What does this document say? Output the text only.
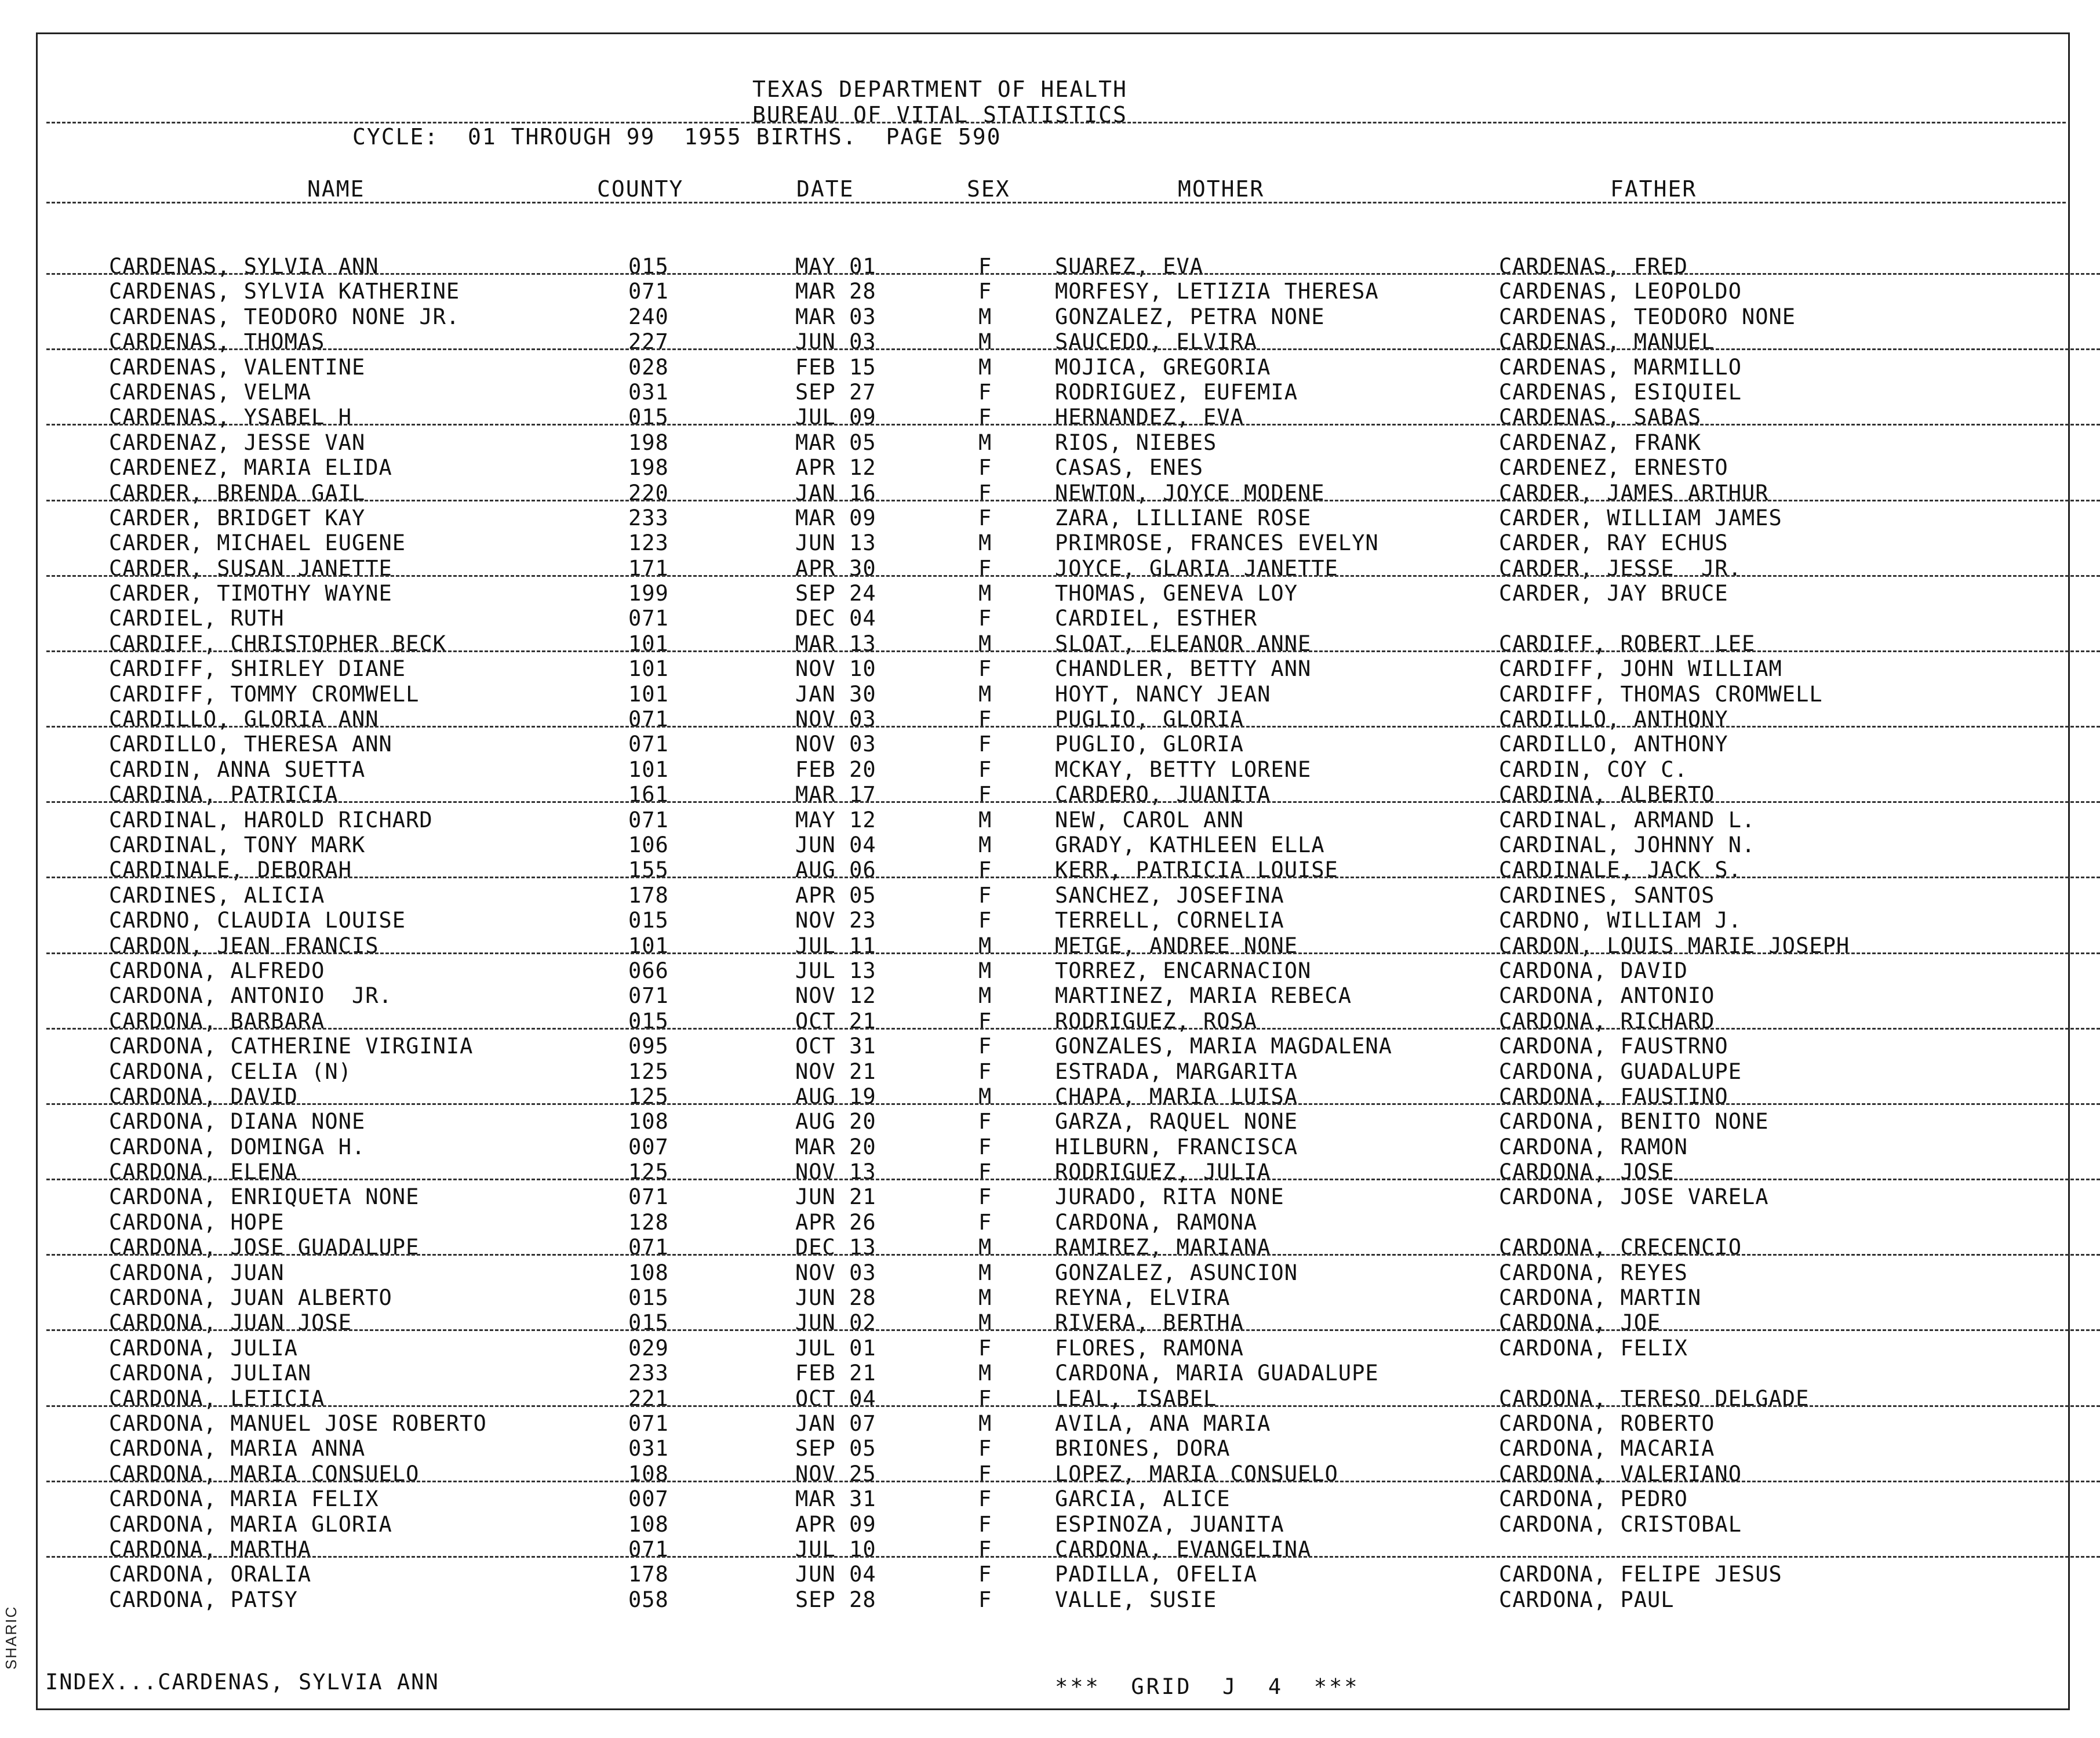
SHARIC
TEXAS DEPARTMENT OF HEALTH
BUREAU OF VITAL STATISTICS
CYCLE:  01 THROUGH 99  1955 BIRTHS.  PAGE 590
NAME	COUNTY	DATE	SEX	MOTHER	FATHER
CARDENAS, SYLVIA ANN	015	MAY 01	F	SUAREZ, EVA	CARDENAS, FRED
CARDENAS, SYLVIA KATHERINE	071	MAR 28	F	MORFESY, LETIZIA THERESA	CARDENAS, LEOPOLDO
CARDENAS, TEODORO NONE JR.	240	MAR 03	M	GONZALEZ, PETRA NONE	CARDENAS, TEODORO NONE
CARDENAS, THOMAS	227	JUN 03	M	SAUCEDO, ELVIRA	CARDENAS, MANUEL
CARDENAS, VALENTINE	028	FEB 15	M	MOJICA, GREGORIA	CARDENAS, MARMILLO
CARDENAS, VELMA	031	SEP 27	F	RODRIGUEZ, EUFEMIA	CARDENAS, ESIQUIEL
CARDENAS, YSABEL H	015	JUL 09	F	HERNANDEZ, EVA	CARDENAS, SABAS
CARDENAZ, JESSE VAN	198	MAR 05	M	RIOS, NIEBES	CARDENAZ, FRANK
CARDENEZ, MARIA ELIDA	198	APR 12	F	CASAS, ENES	CARDENEZ, ERNESTO
CARDER, BRENDA GAIL	220	JAN 16	F	NEWTON, JOYCE MODENE	CARDER, JAMES ARTHUR
CARDER, BRIDGET KAY	233	MAR 09	F	ZARA, LILLIANE ROSE	CARDER, WILLIAM JAMES
CARDER, MICHAEL EUGENE	123	JUN 13	M	PRIMROSE, FRANCES EVELYN	CARDER, RAY ECHUS
CARDER, SUSAN JANETTE	171	APR 30	F	JOYCE, GLARIA JANETTE	CARDER, JESSE  JR.
CARDER, TIMOTHY WAYNE	199	SEP 24	M	THOMAS, GENEVA LOY	CARDER, JAY BRUCE
CARDIEL, RUTH	071	DEC 04	F	CARDIEL, ESTHER
CARDIFF, CHRISTOPHER BECK	101	MAR 13	M	SLOAT, ELEANOR ANNE	CARDIFF, ROBERT LEE
CARDIFF, SHIRLEY DIANE	101	NOV 10	F	CHANDLER, BETTY ANN	CARDIFF, JOHN WILLIAM
CARDIFF, TOMMY CROMWELL	101	JAN 30	M	HOYT, NANCY JEAN	CARDIFF, THOMAS CROMWELL
CARDILLO, GLORIA ANN	071	NOV 03	F	PUGLIO, GLORIA	CARDILLO, ANTHONY
CARDILLO, THERESA ANN	071	NOV 03	F	PUGLIO, GLORIA	CARDILLO, ANTHONY
CARDIN, ANNA SUETTA	101	FEB 20	F	MCKAY, BETTY LORENE	CARDIN, COY C.
CARDINA, PATRICIA	161	MAR 17	F	CARDERO, JUANITA	CARDINA, ALBERTO
CARDINAL, HAROLD RICHARD	071	MAY 12	M	NEW, CAROL ANN	CARDINAL, ARMAND L.
CARDINAL, TONY MARK	106	JUN 04	M	GRADY, KATHLEEN ELLA	CARDINAL, JOHNNY N.
CARDINALE, DEBORAH	155	AUG 06	F	KERR, PATRICIA LOUISE	CARDINALE, JACK S.
CARDINES, ALICIA	178	APR 05	F	SANCHEZ, JOSEFINA	CARDINES, SANTOS
CARDNO, CLAUDIA LOUISE	015	NOV 23	F	TERRELL, CORNELIA	CARDNO, WILLIAM J.
CARDON, JEAN FRANCIS	101	JUL 11	M	METGE, ANDREE NONE	CARDON, LOUIS MARIE JOSEPH
CARDONA, ALFREDO	066	JUL 13	M	TORREZ, ENCARNACION	CARDONA, DAVID
CARDONA, ANTONIO  JR.	071	NOV 12	M	MARTINEZ, MARIA REBECA	CARDONA, ANTONIO
CARDONA, BARBARA	015	OCT 21	F	RODRIGUEZ, ROSA	CARDONA, RICHARD
CARDONA, CATHERINE VIRGINIA	095	OCT 31	F	GONZALES, MARIA MAGDALENA	CARDONA, FAUSTRNO
CARDONA, CELIA (N)	125	NOV 21	F	ESTRADA, MARGARITA	CARDONA, GUADALUPE
CARDONA, DAVID	125	AUG 19	M	CHAPA, MARIA LUISA	CARDONA, FAUSTINO
CARDONA, DIANA NONE	108	AUG 20	F	GARZA, RAQUEL NONE	CARDONA, BENITO NONE
CARDONA, DOMINGA H.	007	MAR 20	F	HILBURN, FRANCISCA	CARDONA, RAMON
CARDONA, ELENA	125	NOV 13	F	RODRIGUEZ, JULIA	CARDONA, JOSE
CARDONA, ENRIQUETA NONE	071	JUN 21	F	JURADO, RITA NONE	CARDONA, JOSE VARELA
CARDONA, HOPE	128	APR 26	F	CARDONA, RAMONA
CARDONA, JOSE GUADALUPE	071	DEC 13	M	RAMIREZ, MARIANA	CARDONA, CRECENCIO
CARDONA, JUAN	108	NOV 03	M	GONZALEZ, ASUNCION	CARDONA, REYES
CARDONA, JUAN ALBERTO	015	JUN 28	M	REYNA, ELVIRA	CARDONA, MARTIN
CARDONA, JUAN JOSE	015	JUN 02	M	RIVERA, BERTHA	CARDONA, JOE
CARDONA, JULIA	029	JUL 01	F	FLORES, RAMONA	CARDONA, FELIX
CARDONA, JULIAN	233	FEB 21	M	CARDONA, MARIA GUADALUPE
CARDONA, LETICIA	221	OCT 04	F	LEAL, ISABEL	CARDONA, TERESO DELGADE
CARDONA, MANUEL JOSE ROBERTO	071	JAN 07	M	AVILA, ANA MARIA	CARDONA, ROBERTO
CARDONA, MARIA ANNA	031	SEP 05	F	BRIONES, DORA	CARDONA, MACARIA
CARDONA, MARIA CONSUELO	108	NOV 25	F	LOPEZ, MARIA CONSUELO	CARDONA, VALERIANO
CARDONA, MARIA FELIX	007	MAR 31	F	GARCIA, ALICE	CARDONA, PEDRO
CARDONA, MARIA GLORIA	108	APR 09	F	ESPINOZA, JUANITA	CARDONA, CRISTOBAL
CARDONA, MARTHA	071	JUL 10	F	CARDONA, EVANGELINA
CARDONA, ORALIA	178	JUN 04	F	PADILLA, OFELIA	CARDONA, FELIPE JESUS
CARDONA, PATSY	058	SEP 28	F	VALLE, SUSIE	CARDONA, PAUL
INDEX...CARDENAS, SYLVIA ANN	***  GRID  J  4  ***
